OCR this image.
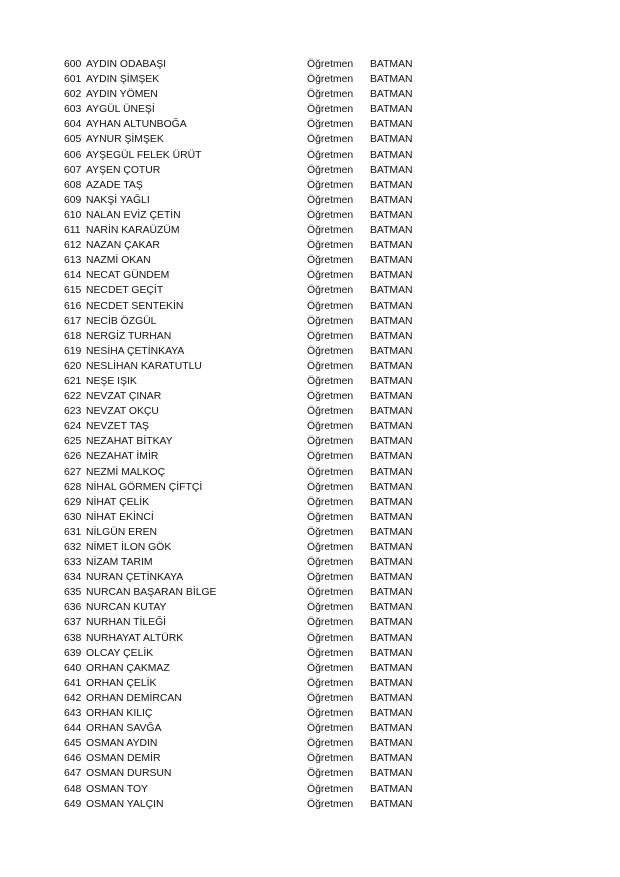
600 AYDIN ODABAŞI	Öğretmen BATMAN
601 AYDIN ŞİMŞEK	Öğretmen BATMAN
602 AYDIN YÖMEN	Öğretmen BATMAN
603 AYGÜL ÜNEŞİ	Öğretmen BATMAN
604 AYHAN ALTUNBOĞA	Öğretmen BATMAN
605 AYNUR ŞİMŞEK	Öğretmen BATMAN
606 AYŞEGÜL FELEK ÜRÜT	Öğretmen BATMAN
607 AYŞEN ÇOTUR	Öğretmen BATMAN
608 AZADE TAŞ	Öğretmen BATMAN
609 NAKŞİ YAĞLI	Öğretmen BATMAN
610 NALAN EVİZ ÇETİN	Öğretmen BATMAN
611 NARİN KARAÜZÜM	Öğretmen BATMAN
612 NAZAN ÇAKAR	Öğretmen BATMAN
613 NAZMİ OKAN	Öğretmen BATMAN
614 NECAT GÜNDEM	Öğretmen BATMAN
615 NECDET GEÇİT	Öğretmen BATMAN
616 NECDET SENTEKİN	Öğretmen BATMAN
617 NECİB ÖZGÜL	Öğretmen BATMAN
618 NERGİZ TURHAN	Öğretmen BATMAN
619 NESİHA ÇETİNKAYA	Öğretmen BATMAN
620 NESLİHAN KARATUTLU	Öğretmen BATMAN
621 NEŞE IŞIK	Öğretmen BATMAN
622 NEVZAT ÇINAR	Öğretmen BATMAN
623 NEVZAT OKÇU	Öğretmen BATMAN
624 NEVZET TAŞ	Öğretmen BATMAN
625 NEZAHAT BİTKAY	Öğretmen BATMAN
626 NEZAHAT İMİR	Öğretmen BATMAN
627 NEZMİ MALKOÇ	Öğretmen BATMAN
628 NİHAL GÖRMEN ÇİFTÇİ	Öğretmen BATMAN
629 NİHAT ÇELİK	Öğretmen BATMAN
630 NİHAT EKİNCİ	Öğretmen BATMAN
631 NİLGÜN EREN	Öğretmen BATMAN
632 NİMET İLON GÖK	Öğretmen BATMAN
633 NİZAM TARIM	Öğretmen BATMAN
634 NURAN ÇETİNKAYA	Öğretmen BATMAN
635 NURCAN BAŞARAN BİLGE	Öğretmen BATMAN
636 NURCAN KUTAY	Öğretmen BATMAN
637 NURHAN TİLEĞİ	Öğretmen BATMAN
638 NURHAYAT ALTÜRK	Öğretmen BATMAN
639 OLCAY ÇELİK	Öğretmen BATMAN
640 ORHAN ÇAKMAZ	Öğretmen BATMAN
641 ORHAN ÇELİK	Öğretmen BATMAN
642 ORHAN DEMİRCAN	Öğretmen BATMAN
643 ORHAN KILIÇ	Öğretmen BATMAN
644 ORHAN SAVĞA	Öğretmen BATMAN
645 OSMAN AYDIN	Öğretmen BATMAN
646 OSMAN DEMİR	Öğretmen BATMAN
647 OSMAN DURSUN	Öğretmen BATMAN
648 OSMAN TOY	Öğretmen BATMAN
649 OSMAN YALÇIN	Öğretmen BATMAN
